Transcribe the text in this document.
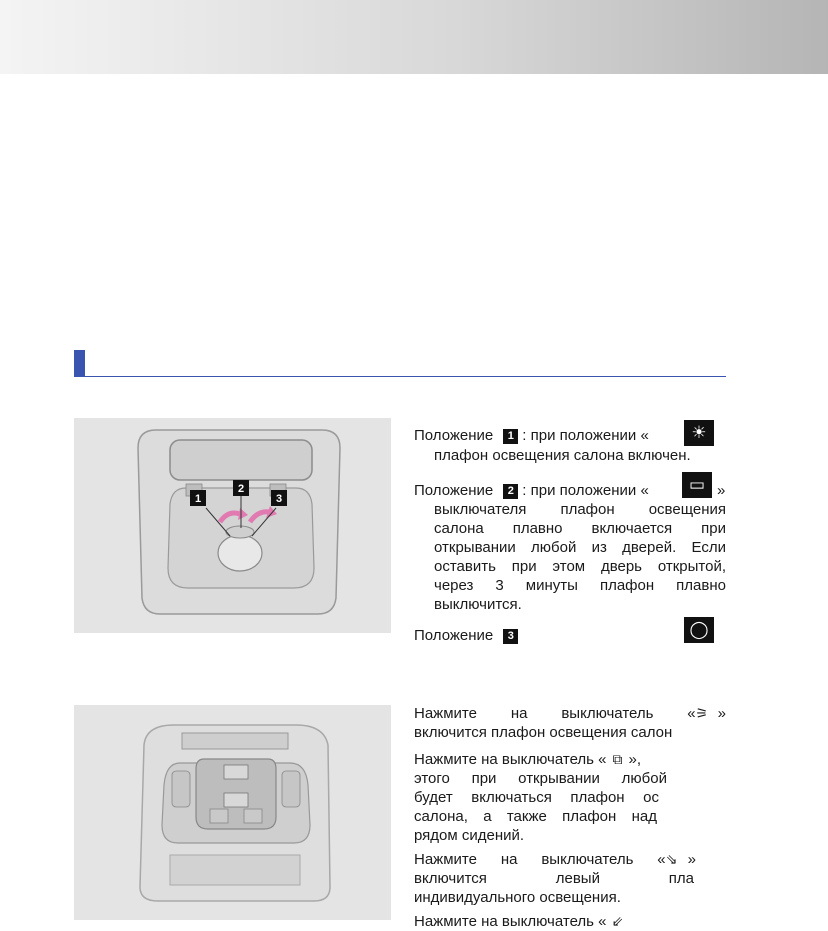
1
2
3

Положение 1 : при положении «	☀

плафон освещения салона включен.

Положение 2 : при положении «	▭ »

выключателя плафон освещения

салона плавно включается при

открывании любой из дверей. Если

оставить при этом дверь открытой,

через 3 минуты плафон плавно

выключится.

Положение 3	◯

Нажмите на выключатель «⚞ »

включится плафон освещения салон

Нажмите на выключатель « ⧉ »,

этого при открывании любой

будет включаться плафон ос

салона, а также плафон над

рядом сидений.

Нажмите на выключатель «⇘ »

включится левый пла

индивидуального освещения.

Нажмите на выключатель « ⇙
